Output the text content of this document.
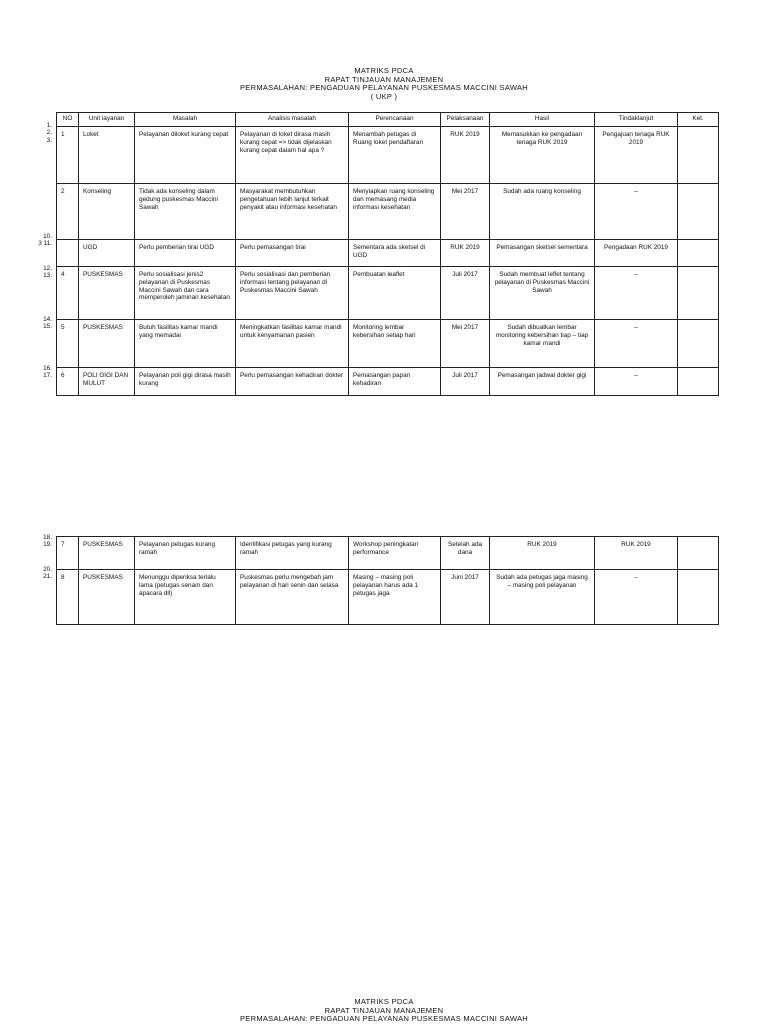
MATRIKS PDCA
RAPAT TINJAUAN MANAJEMEN
PERMASALAHAN: PENGADUAN PELAYANAN PUSKESMAS MACCINI SAWAH
( UKP )
NO	Unit layanan	Masalah	Analisis masalah	Perencanaan	Pelaksanaan	Hasil	Tindaklanjut	Ket.
1	Loket	Pelayanan diloket kurang cepat	Pelayanan di loket dirasa masih kurang cepat => tidak dijelaskan kurang cepat dalam hal apa ?	Menambah petugas di Ruang loket pendaftaran	RUK 2019	Memasukkan ke pengadaan tenaga RUK 2019	Pengajuan tenaga RUK 2019	
2	Konseling	Tidak ada konseling dalam gedung puskesmas Maccini Sawah	Masyarakat membutuhkan pengetahuan lebih lanjut terkait penyakit atau informasi kesehatan	Menyiapkan ruang konseling dan memasang media informasi kesehatan	Mei 2017	Sudah ada ruang konseling	–	
	UGD	Perlu pemberian tirai UGD	Perlu pemasangan tirai	Sementara ada sketsel di UGD	RUK 2019	Pemasangan sketsel sementara	Pengadaan RUK 2019	
4	PUSKESMAS	Perlu sosialisasi jenis2 pelayanan di Puskesmas Maccini Sawah dan cara memperoleh jaminan kesehatan	Perlu sosialisasi dan pemberian informasi tentang pelayanan di Puskesmas Maccini Sawah	Pembuatan leaflet	Juli 2017	Sudah membuat leflet tentang pelayanan di Puskesmas Maccini Sawah	–	
5	PUSKESMAS	Butuh fasilitas kamar mandi yang memadai	Meningkatkan fasilitas kamar mandi untuk kenyamanan pasien	Monitoring lembar kebersihan setiap hari	Mei 2017	Sudah dibuatkan lembar monitoring kebersihan tiap – tiap kamar mandi	–	
6	POLI GIGI DAN MULUT	Pelayanan poli gigi dirasa masih kurang	Perlu pemasangan kehadiran dokter	Pemasangan papan kehadiran	Juli 2017	Pemasangan jadwal dokter gigi	–	
7	PUSKESMAS	Pelayanan petugas kurang ramah	Identifikasi petugas yang kurang ramah	Workshop peningkatan performance	Setelah ada dana	RUK 2019	RUK 2019	
8	PUSKESMAS	Menunggu diperiksa terlalu lama (petugas senam dan apacara dll)	Puskesmas perlu mengebah jam pelayanan di hari senin dan selasa	Masing – masing poli pelayanan harus ada 1 petugas jaga	Juni 2017	Sudah ada petugas jaga masing – masing poli pelayanan	–	
MATRIKS PDCA
RAPAT TINJAUAN MANAJEMEN
PERMASALAHAN: PENGADUAN PELAYANAN PUSKESMAS MACCINI SAWAH
1.
2.
3.
10.
3 11.
12.
13.
14.
15.
16.
17.
18.
19.
20.
21.
